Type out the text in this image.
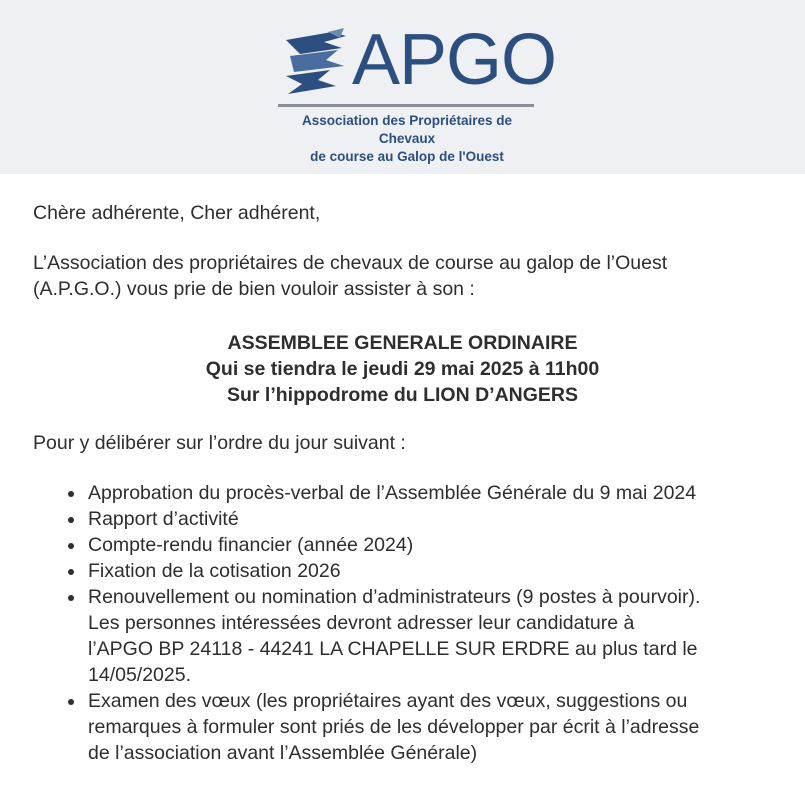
APGO
Association des Propriétaires de Chevaux
de course au Galop de l'Ouest

Chère adhérente, Cher adhérent,

L’Association des propriétaires de chevaux de course au galop de l’Ouest
(A.P.G.O.) vous prie de bien vouloir assister à son :

ASSEMBLEE GENERALE ORDINAIRE
Qui se tiendra le jeudi 29 mai 2025 à 11h00
Sur l’hippodrome du LION D’ANGERS

Pour y délibérer sur l’ordre du jour suivant :

Approbation du procès-verbal de l’Assemblée Générale du 9 mai 2024
Rapport d’activité
Compte-rendu financier (année 2024)
Fixation de la cotisation 2026
Renouvellement ou nomination d’administrateurs (9 postes à pourvoir).
Les personnes intéressées devront adresser leur candidature à
l’APGO BP 24118 - 44241 LA CHAPELLE SUR ERDRE au plus tard le
14/05/2025.
Examen des vœux (les propriétaires ayant des vœux, suggestions ou
remarques à formuler sont priés de les développer par écrit à l’adresse
de l’association avant l’Assemblée Générale)
